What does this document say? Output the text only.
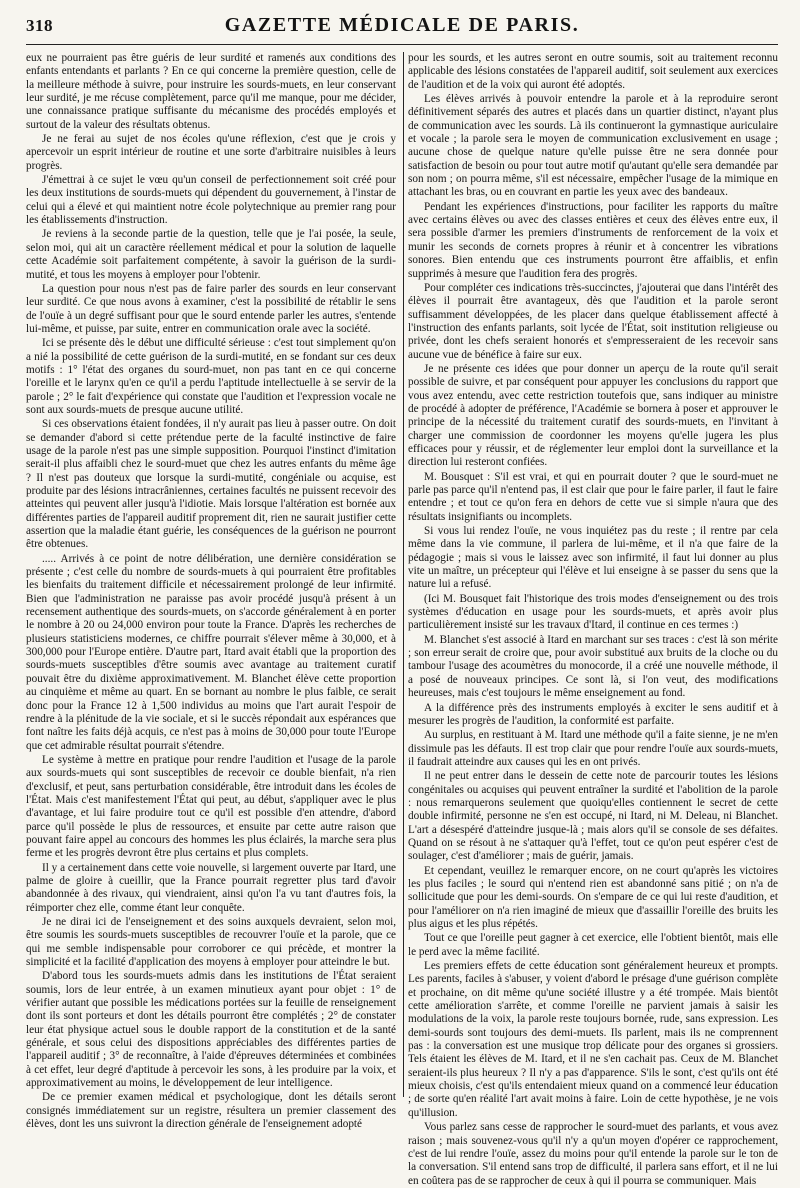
318	GAZETTE MÉDICALE DE PARIS.

eux ne pourraient pas être guéris de leur surdité et ramenés aux conditions des enfants entendants et parlants ? En ce qui concerne la première question, celle de la meilleure méthode à suivre, pour instruire les sourds-muets, en leur conservant leur surdité, je me récuse complètement, parce qu'il me manque, pour me décider, une connaissance pratique suffisante du mécanisme des procédés employés et surtout de la valeur des résultats obtenus.

Je ne ferai au sujet de nos écoles qu'une réflexion, c'est que je crois y apercevoir un esprit intérieur de routine et une sorte d'arbitraire nuisibles à leurs progrès.

J'émettrai à ce sujet le vœu qu'un conseil de perfectionnement soit créé pour les deux institutions de sourds-muets qui dépendent du gouvernement, à l'instar de celui qui a élevé et qui maintient notre école polytechnique au premier rang pour les établissements d'instruction.

Je reviens à la seconde partie de la question, telle que je l'ai posée, la seule, selon moi, qui ait un caractère réellement médical et pour la solution de laquelle cette Académie soit parfaitement compétente, à savoir la guérison de la surdi-mutité, et tous les moyens à employer pour l'obtenir.

La question pour nous n'est pas de faire parler des sourds en leur conservant leur surdité. Ce que nous avons à examiner, c'est la possibilité de rétablir le sens de l'ouïe à un degré suffisant pour que le sourd entende parler les autres, s'entende lui-même, et puisse, par suite, entrer en communication orale avec la société.

Ici se présente dès le début une difficulté sérieuse : c'est tout simplement qu'on a nié la possibilité de cette guérison de la surdi-mutité, en se fondant sur ces deux motifs : 1° l'état des organes du sourd-muet, non pas tant en ce qui concerne l'oreille et le larynx qu'en ce qu'il a perdu l'aptitude intellectuelle à se servir de la parole ; 2° le fait d'expérience qui constate que l'audition et l'expression vocale ne sont aux sourds-muets de presque aucune utilité.

Si ces observations étaient fondées, il n'y aurait pas lieu à passer outre. On doit se demander d'abord si cette prétendue perte de la faculté instinctive de faire usage de la parole n'est pas une simple supposition. Pourquoi l'instinct d'imitation serait-il plus affaibli chez le sourd-muet que chez les autres enfants du même âge ? Il n'est pas douteux que lorsque la surdi-mutité, congéniale ou acquise, est produite par des lésions intracrâniennes, certaines facultés ne puissent recevoir des atteintes qui peuvent aller jusqu'à l'idiotie. Mais lorsque l'altération est bornée aux différentes parties de l'appareil auditif proprement dit, rien ne saurait justifier cette assertion que la maladie étant guérie, les conséquences de la guérison ne pourront être obtenues.

..... Arrivés à ce point de notre délibération, une dernière considération se présente ; c'est celle du nombre de sourds-muets à qui pourraient être profitables les bienfaits du traitement difficile et nécessairement prolongé de leur infirmité. Bien que l'administration ne paraisse pas avoir procédé jusqu'à présent à un recensement authentique des sourds-muets, on s'accorde généralement à en porter le nombre à 20 ou 24,000 environ pour toute la France. D'après les recherches de plusieurs statisticiens modernes, ce chiffre pourrait s'élever même à 30,000, et à 300,000 pour l'Europe entière. D'autre part, Itard avait établi que la proportion des sourds-muets susceptibles d'être soumis avec avantage au traitement curatif pouvait être du dixième approximativement. M. Blanchet élève cette proportion au cinquième et même au quart. En se bornant au nombre le plus faible, ce serait donc pour la France 12 à 1,500 individus au moins que l'art aurait l'espoir de rendre à la plénitude de la vie sociale, et si le succès répondait aux espérances que font naître les faits déjà acquis, ce n'est pas à moins de 30,000 pour toute l'Europe que cet admirable résultat pourrait s'étendre.

Le système à mettre en pratique pour rendre l'audition et l'usage de la parole aux sourds-muets qui sont susceptibles de recevoir ce double bienfait, n'a rien d'exclusif, et peut, sans perturbation considérable, être introduit dans les écoles de l'État. Mais c'est manifestement l'État qui peut, au début, s'appliquer avec le plus d'avantage, et lui faire produire tout ce qu'il est possible d'en attendre, d'abord parce qu'il possède le plus de ressources, et ensuite par cette autre raison que pouvant faire appel au concours des hommes les plus éclairés, la marche sera plus ferme et les progrès devront être plus certains et plus complets.

Il y a certainement dans cette voie nouvelle, si largement ouverte par Itard, une palme de gloire à cueillir, que la France pourrait regretter plus tard d'avoir abandonnée à des rivaux, qui viendraient, ainsi qu'on l'a vu tant d'autres fois, la réimporter chez elle, comme étant leur conquête.

Je ne dirai ici de l'enseignement et des soins auxquels devraient, selon moi, être soumis les sourds-muets susceptibles de recouvrer l'ouïe et la parole, que ce qui me semble indispensable pour corroborer ce qui précède, et montrer la simplicité et la facilité d'application des moyens à employer pour atteindre le but.

D'abord tous les sourds-muets admis dans les institutions de l'État seraient soumis, lors de leur entrée, à un examen minutieux ayant pour objet : 1° de vérifier autant que possible les médications portées sur la feuille de renseignement dont ils sont porteurs et dont les détails pourront être complétés ; 2° de constater leur état physique actuel sous le double rapport de la constitution et de la santé générale, et sous celui des dispositions appréciables des différentes parties de l'appareil auditif ; 3° de reconnaître, à l'aide d'épreuves déterminées et combinées à cet effet, leur degré d'aptitude à percevoir les sons, à les produire par la voix, et approximativement au moins, le développement de leur intelligence.

De ce premier examen médical et psychologique, dont les détails seront consignés immédiatement sur un registre, résultera un premier classement des élèves, dont les uns suivront la direction générale de l'enseignement adopté

pour les sourds, et les autres seront en outre soumis, soit au traitement reconnu applicable des lésions constatées de l'appareil auditif, soit seulement aux exercices de l'audition et de la voix qui auront été adoptés.

Les élèves arrivés à pouvoir entendre la parole et à la reproduire seront définitivement séparés des autres et placés dans un quartier distinct, n'ayant plus de communication avec les sourds. Là ils continueront la gymnastique auriculaire et vocale ; la parole sera le moyen de communication exclusivement en usage ; aucune chose de quelque nature qu'elle puisse être ne sera donnée pour satisfaction de besoin ou pour tout autre motif qu'autant qu'elle sera demandée par son nom ; on pourra même, s'il est nécessaire, empêcher l'usage de la mimique en attachant les bras, ou en couvrant en partie les yeux avec des bandeaux.

Pendant les expériences d'instructions, pour faciliter les rapports du maître avec certains élèves ou avec des classes entières et ceux des élèves entre eux, il sera possible d'armer les premiers d'instruments de renforcement de la voix et munir les seconds de cornets propres à réunir et à concentrer les vibrations sonores. Bien entendu que ces instruments pourront être affaiblis, et enfin supprimés à mesure que l'audition fera des progrès.

Pour compléter ces indications très-succinctes, j'ajouterai que dans l'intérêt des élèves il pourrait être avantageux, dès que l'audition et la parole seront suffisamment développées, de les placer dans quelque établissement affecté à l'instruction des enfants parlants, soit lycée de l'État, soit institution religieuse ou privée, dont les chefs seraient honorés et s'empresseraient de les recevoir sans aucune vue de bénéfice à faire sur eux.

Je ne présente ces idées que pour donner un aperçu de la route qu'il serait possible de suivre, et par conséquent pour appuyer les conclusions du rapport que vous avez entendu, avec cette restriction toutefois que, sans indiquer au ministre de procédé à adopter de préférence, l'Académie se bornera à poser et approuver le principe de la nécessité du traitement curatif des sourds-muets, en l'invitant à charger une commission de coordonner les moyens qu'elle jugera les plus efficaces pour y réussir, et de réglementer leur emploi dont la surveillance et la direction lui resteront confiées.

M. Bousquet : S'il est vrai, et qui en pourrait douter ? que le sourd-muet ne parle pas parce qu'il n'entend pas, il est clair que pour le faire parler, il faut le faire entendre ; et tout ce qu'on fera en dehors de cette vue si simple n'aura que des résultats insignifiants ou incomplets.

Si vous lui rendez l'ouïe, ne vous inquiétez pas du reste ; il rentre par cela même dans la vie commune, il parlera de lui-même, et il n'a que faire de la pédagogie ; mais si vous le laissez avec son infirmité, il faut lui donner au plus vite un maître, un précepteur qui l'élève et lui enseigne à se passer du sens que la nature lui a refusé.

(Ici M. Bousquet fait l'historique des trois modes d'enseignement ou des trois systèmes d'éducation en usage pour les sourds-muets, et après avoir plus particulièrement insisté sur les travaux d'Itard, il continue en ces termes :)

M. Blanchet s'est associé à Itard en marchant sur ses traces : c'est là son mérite ; son erreur serait de croire que, pour avoir substitué aux bruits de la cloche ou du tambour l'usage des acoumètres du monocorde, il a créé une nouvelle méthode, il a posé de nouveaux principes. Ce sont là, si l'on veut, des modifications heureuses, mais c'est toujours le même enseignement au fond.

A la différence près des instruments employés à exciter le sens auditif et à mesurer les progrès de l'audition, la conformité est parfaite.

Au surplus, en restituant à M. Itard une méthode qu'il a faite sienne, je ne m'en dissimule pas les défauts. Il est trop clair que pour rendre l'ouïe aux sourds-muets, il faudrait atteindre aux causes qui les en ont privés.

Il ne peut entrer dans le dessein de cette note de parcourir toutes les lésions congénitales ou acquises qui peuvent entraîner la surdité et l'abolition de la parole : nous remarquerons seulement que quoiqu'elles contiennent le secret de cette double infirmité, personne ne s'en est occupé, ni Itard, ni M. Deleau, ni Blanchet. L'art a désespéré d'atteindre jusque-là ; mais alors qu'il se console de ses défaites. Quand on se résout à ne s'attaquer qu'à l'effet, tout ce qu'on peut espérer c'est de soulager, c'est d'améliorer ; mais de guérir, jamais.

Et cependant, veuillez le remarquer encore, on ne court qu'après les victoires les plus faciles ; le sourd qui n'entend rien est abandonné sans pitié ; on n'a de sollicitude que pour les demi-sourds. On s'empare de ce qui lui reste d'audition, et pour l'améliorer on n'a rien imaginé de mieux que d'assaillir l'oreille des bruits les plus aigus et les plus répétés.

Tout ce que l'oreille peut gagner à cet exercice, elle l'obtient bientôt, mais elle le perd avec la même facilité.

Les premiers effets de cette éducation sont généralement heureux et prompts. Les parents, faciles à s'abuser, y voient d'abord le présage d'une guérison complète et prochaine, on dit même qu'une société illustre y a été trompée. Mais bientôt cette amélioration s'arrête, et comme l'oreille ne parvient jamais à saisir les modulations de la voix, la parole reste toujours bornée, rude, sans expression. Les demi-sourds sont toujours des demi-muets. Ils parlent, mais ils ne comprennent pas : la conversation est une musique trop délicate pour des organes si grossiers. Tels étaient les élèves de M. Itard, et il ne s'en cachait pas. Ceux de M. Blanchet seraient-ils plus heureux ? Il n'y a pas d'apparence. S'ils le sont, c'est qu'ils ont été mieux choisis, c'est qu'ils entendaient mieux quand on a commencé leur éducation ; de sorte qu'en réalité l'art avait moins à faire. Loin de cette hypothèse, je ne vois qu'illusion.

Vous parlez sans cesse de rapprocher le sourd-muet des parlants, et vous avez raison ; mais souvenez-vous qu'il n'y a qu'un moyen d'opérer ce rapprochement, c'est de lui rendre l'ouïe, assez du moins pour qu'il entende la parole sur le ton de la conversation. S'il entend sans trop de difficulté, il parlera sans effort, et il ne lui en coûtera pas de se rapprocher de ceux à qui il pourra se communiquer. Mais
